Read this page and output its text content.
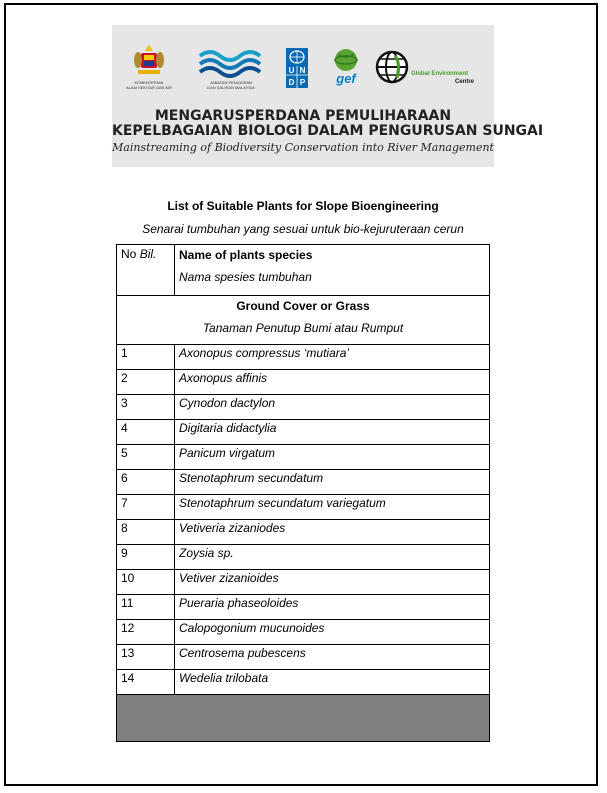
KEMENTERIAN
ALAM SEKITAR DAN AIR
JABATAN PENGAIRAN
DAN SALIRAN MALAYSIA
U N
D P gef	Global Environment
Centre
MENGARUSPERDANA PEMULIHARAAN
KEPELBAGAIAN BIOLOGI DALAM PENGURUSAN SUNGAI
Mainstreaming of Biodiversity Conservation into River Management
List of Suitable Plants for Slope Bioengineering
Senarai tumbuhan yang sesuai untuk bio-kejuruteraan cerun
No Bil.	Name of plants species
Nama spesies tumbuhan

Ground Cover or Grass
Tanaman Penutup Bumi atau Rumput	

1	Axonopus compressus ‘mutiara’
2	Axonopus affinis
3	Cynodon dactylon
4	Digitaria didactylia
5	Panicum virgatum
6	Stenotaphrum secundatum
7	Stenotaphrum secundatum variegatum
8	Vetiveria zizaniodes
9	Zoysia sp.
10	Vetiver zizanioides
11	Pueraria phaseoloides
12	Calopogonium mucunoides
13	Centrosema pubescens
14	Wedelia trilobata
